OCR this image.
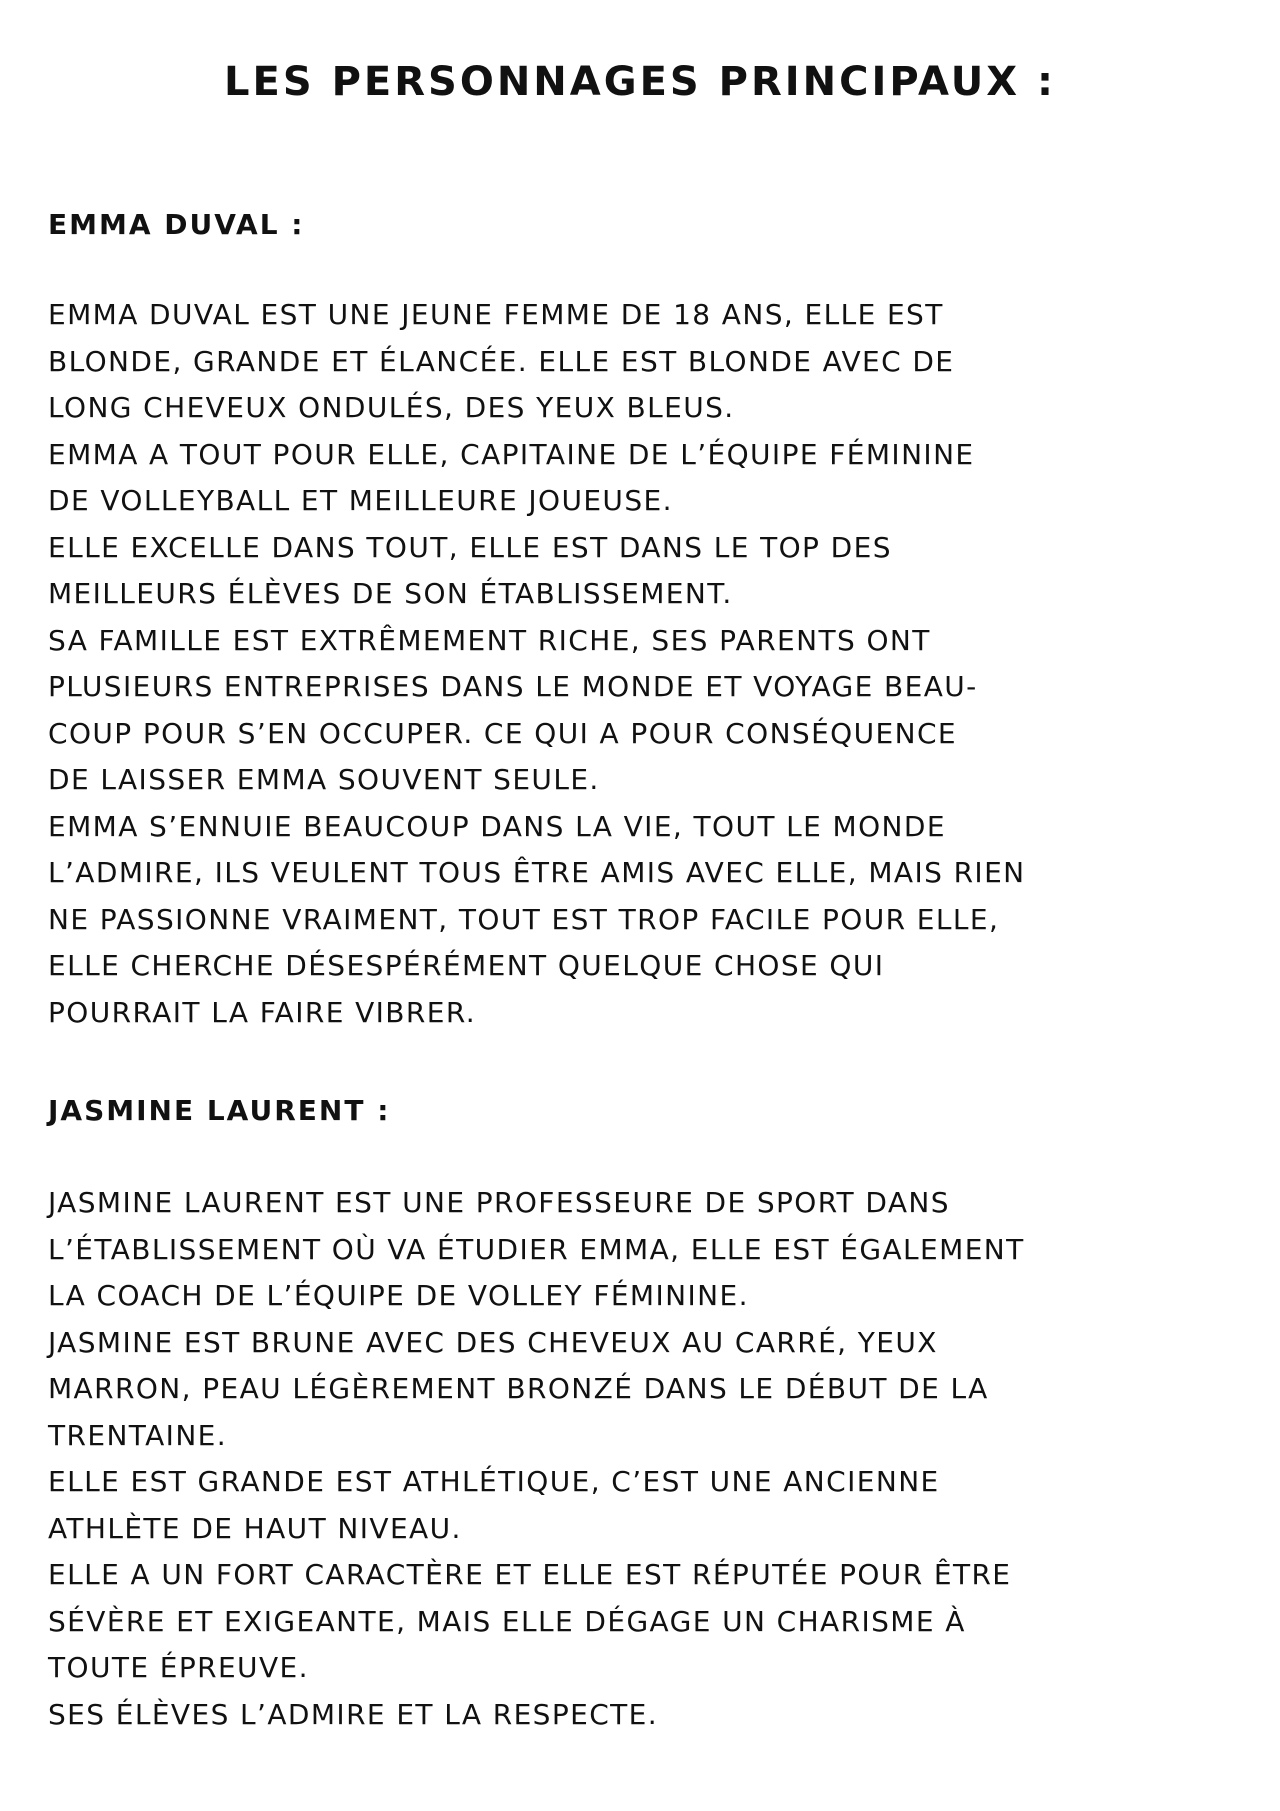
LES PERSONNAGES PRINCIPAUX :
EMMA DUVAL :
EMMA DUVAL EST UNE JEUNE FEMME DE 18 ANS, ELLE EST
BLONDE, GRANDE ET ÉLANCÉE. ELLE EST BLONDE AVEC DE
LONG CHEVEUX ONDULÉS, DES YEUX BLEUS.
EMMA A TOUT POUR ELLE, CAPITAINE DE L’ÉQUIPE FÉMININE
DE VOLLEYBALL ET MEILLEURE JOUEUSE.
ELLE EXCELLE DANS TOUT, ELLE EST DANS LE TOP DES
MEILLEURS ÉLÈVES DE SON ÉTABLISSEMENT.
SA FAMILLE EST EXTRÊMEMENT RICHE, SES PARENTS ONT
PLUSIEURS ENTREPRISES DANS LE MONDE ET VOYAGE BEAU-
COUP POUR S’EN OCCUPER. CE QUI A POUR CONSÉQUENCE
DE LAISSER EMMA SOUVENT SEULE.
EMMA S’ENNUIE BEAUCOUP DANS LA VIE, TOUT LE MONDE
L’ADMIRE, ILS VEULENT TOUS ÊTRE AMIS AVEC ELLE, MAIS RIEN
NE PASSIONNE VRAIMENT, TOUT EST TROP FACILE POUR ELLE,
ELLE CHERCHE DÉSESPÉRÉMENT QUELQUE CHOSE QUI
POURRAIT LA FAIRE VIBRER.
JASMINE LAURENT :
JASMINE LAURENT EST UNE PROFESSEURE DE SPORT DANS
L’ÉTABLISSEMENT OÙ VA ÉTUDIER EMMA, ELLE EST ÉGALEMENT
LA COACH DE L’ÉQUIPE DE VOLLEY FÉMININE.
JASMINE EST BRUNE AVEC DES CHEVEUX AU CARRÉ, YEUX
MARRON, PEAU LÉGÈREMENT BRONZÉ DANS LE DÉBUT DE LA
TRENTAINE.
ELLE EST GRANDE EST ATHLÉTIQUE, C’EST UNE ANCIENNE
ATHLÈTE DE HAUT NIVEAU.
ELLE A UN FORT CARACTÈRE ET ELLE EST RÉPUTÉE POUR ÊTRE
SÉVÈRE ET EXIGEANTE, MAIS ELLE DÉGAGE UN CHARISME À
TOUTE ÉPREUVE.
SES ÉLÈVES L’ADMIRE ET LA RESPECTE.
